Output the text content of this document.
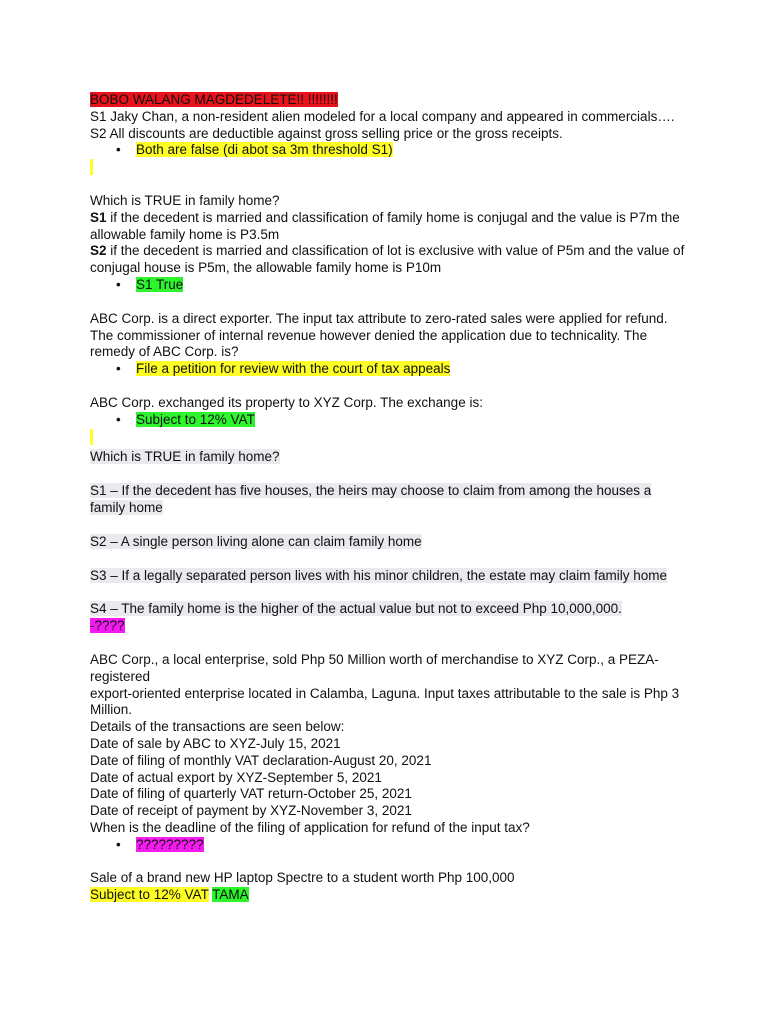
BOBO WALANG MAGDEDELETE!! !!!!!!!!
S1 Jaky Chan, a non-resident alien modeled for a local company and appeared in commercials….
S2 All discounts are deductible against gross selling price or the gross receipts.
• Both are false (di abot sa 3m threshold S1)
Which is TRUE in family home?
S1 if the decedent is married and classification of family home is conjugal and the value is P7m the allowable family home is P3.5m
S2 if the decedent is married and classification of lot is exclusive with value of P5m and the value of conjugal house is P5m, the allowable family home is P10m
• S1 True
ABC Corp. is a direct exporter. The input tax attribute to zero-rated sales were applied for refund. The commissioner of internal revenue however denied the application due to technicality. The remedy of ABC Corp. is?
• File a petition for review with the court of tax appeals
ABC Corp. exchanged its property to XYZ Corp. The exchange is:
• Subject to 12% VAT
Which is TRUE in family home?
S1 – If the decedent has five houses, the heirs may choose to claim from among the houses a family home
S2 – A single person living alone can claim family home
S3 – If a legally separated person lives with his minor children, the estate may claim family home
S4 – The family home is the higher of the actual value but not to exceed Php 10,000,000.
-????
ABC Corp., a local enterprise, sold Php 50 Million worth of merchandise to XYZ Corp., a PEZA-registered
export-oriented enterprise located in Calamba, Laguna. Input taxes attributable to the sale is Php 3 Million.
Details of the transactions are seen below:
Date of sale by ABC to XYZ-July 15, 2021
Date of filing of monthly VAT declaration-August 20, 2021
Date of actual export by XYZ-September 5, 2021
Date of filing of quarterly VAT return-October 25, 2021
Date of receipt of payment by XYZ-November 3, 2021
When is the deadline of the filing of application for refund of the input tax?
• ?????????
Sale of a brand new HP laptop Spectre to a student worth Php 100,000
Subject to 12% VAT TAMA
